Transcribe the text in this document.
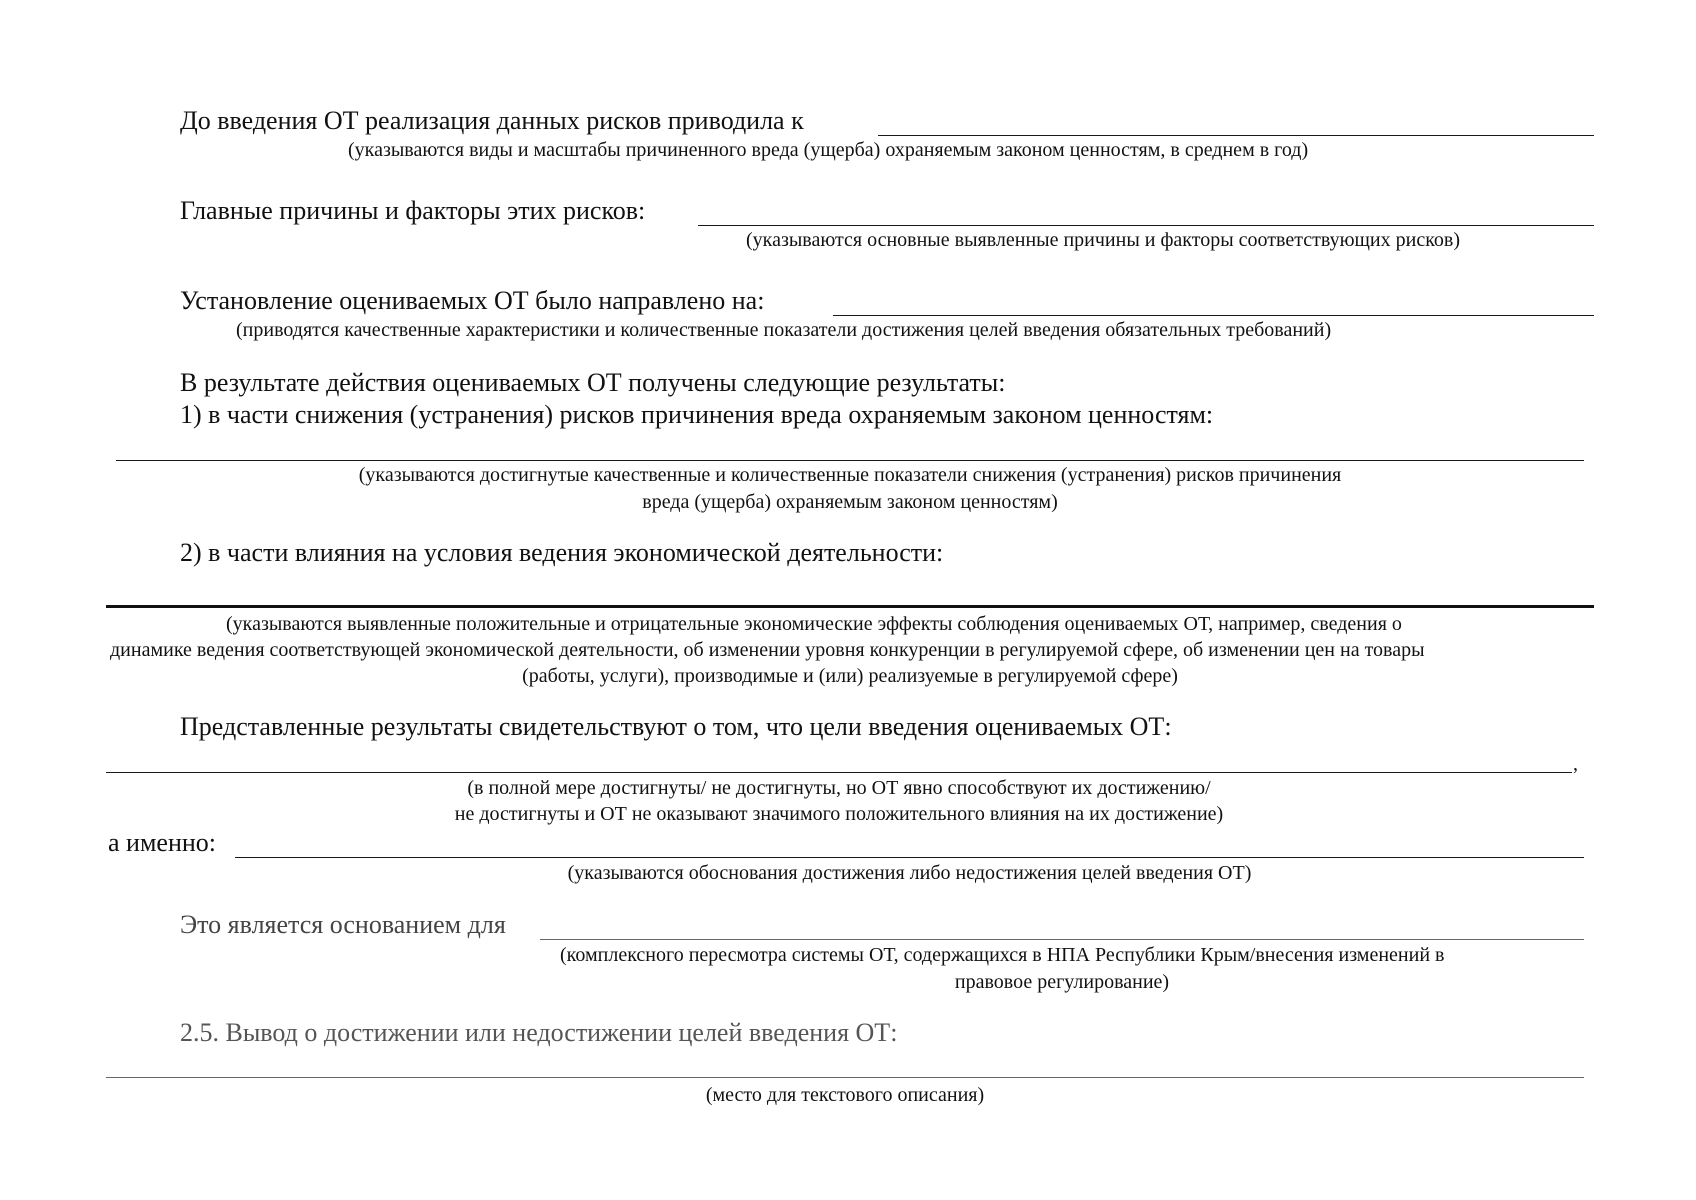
До введения ОТ реализация данных рисков приводила к
(указываются виды и масштабы причиненного вреда (ущерба) охраняемым законом ценностям, в среднем в год)
Главные причины и факторы этих рисков:
(указываются основные выявленные причины и факторы соответствующих рисков)
Установление оцениваемых ОТ было направлено на:
(приводятся качественные характеристики и количественные показатели достижения целей введения обязательных требований)
В результате действия оцениваемых ОТ получены следующие результаты:
1) в части снижения (устранения) рисков причинения вреда охраняемым законом ценностям:
(указываются достигнутые качественные и количественные показатели снижения (устранения) рисков причинения
вреда (ущерба) охраняемым законом ценностям)
2) в части влияния на условия ведения экономической деятельности:
(указываются выявленные положительные и отрицательные экономические эффекты соблюдения оцениваемых ОТ, например, сведения о
динамике ведения соответствующей экономической деятельности, об изменении уровня конкуренции в регулируемой сфере, об изменении цен на товары
(работы, услуги), производимые и (или) реализуемые в регулируемой сфере)
Представленные результаты свидетельствуют о том, что цели введения оцениваемых ОТ:
,
(в полной мере достигнуты/ не достигнуты, но ОТ явно способствуют их достижению/
не достигнуты и ОТ не оказывают значимого положительного влияния на их достижение)
а именно:
(указываются обоснования достижения либо недостижения целей введения ОТ)
Это является основанием для
(комплексного пересмотра системы ОТ, содержащихся в НПА Республики Крым/внесения изменений в
правовое регулирование)
2.5. Вывод о достижении или недостижении целей введения ОТ:
(место для текстового описания)
